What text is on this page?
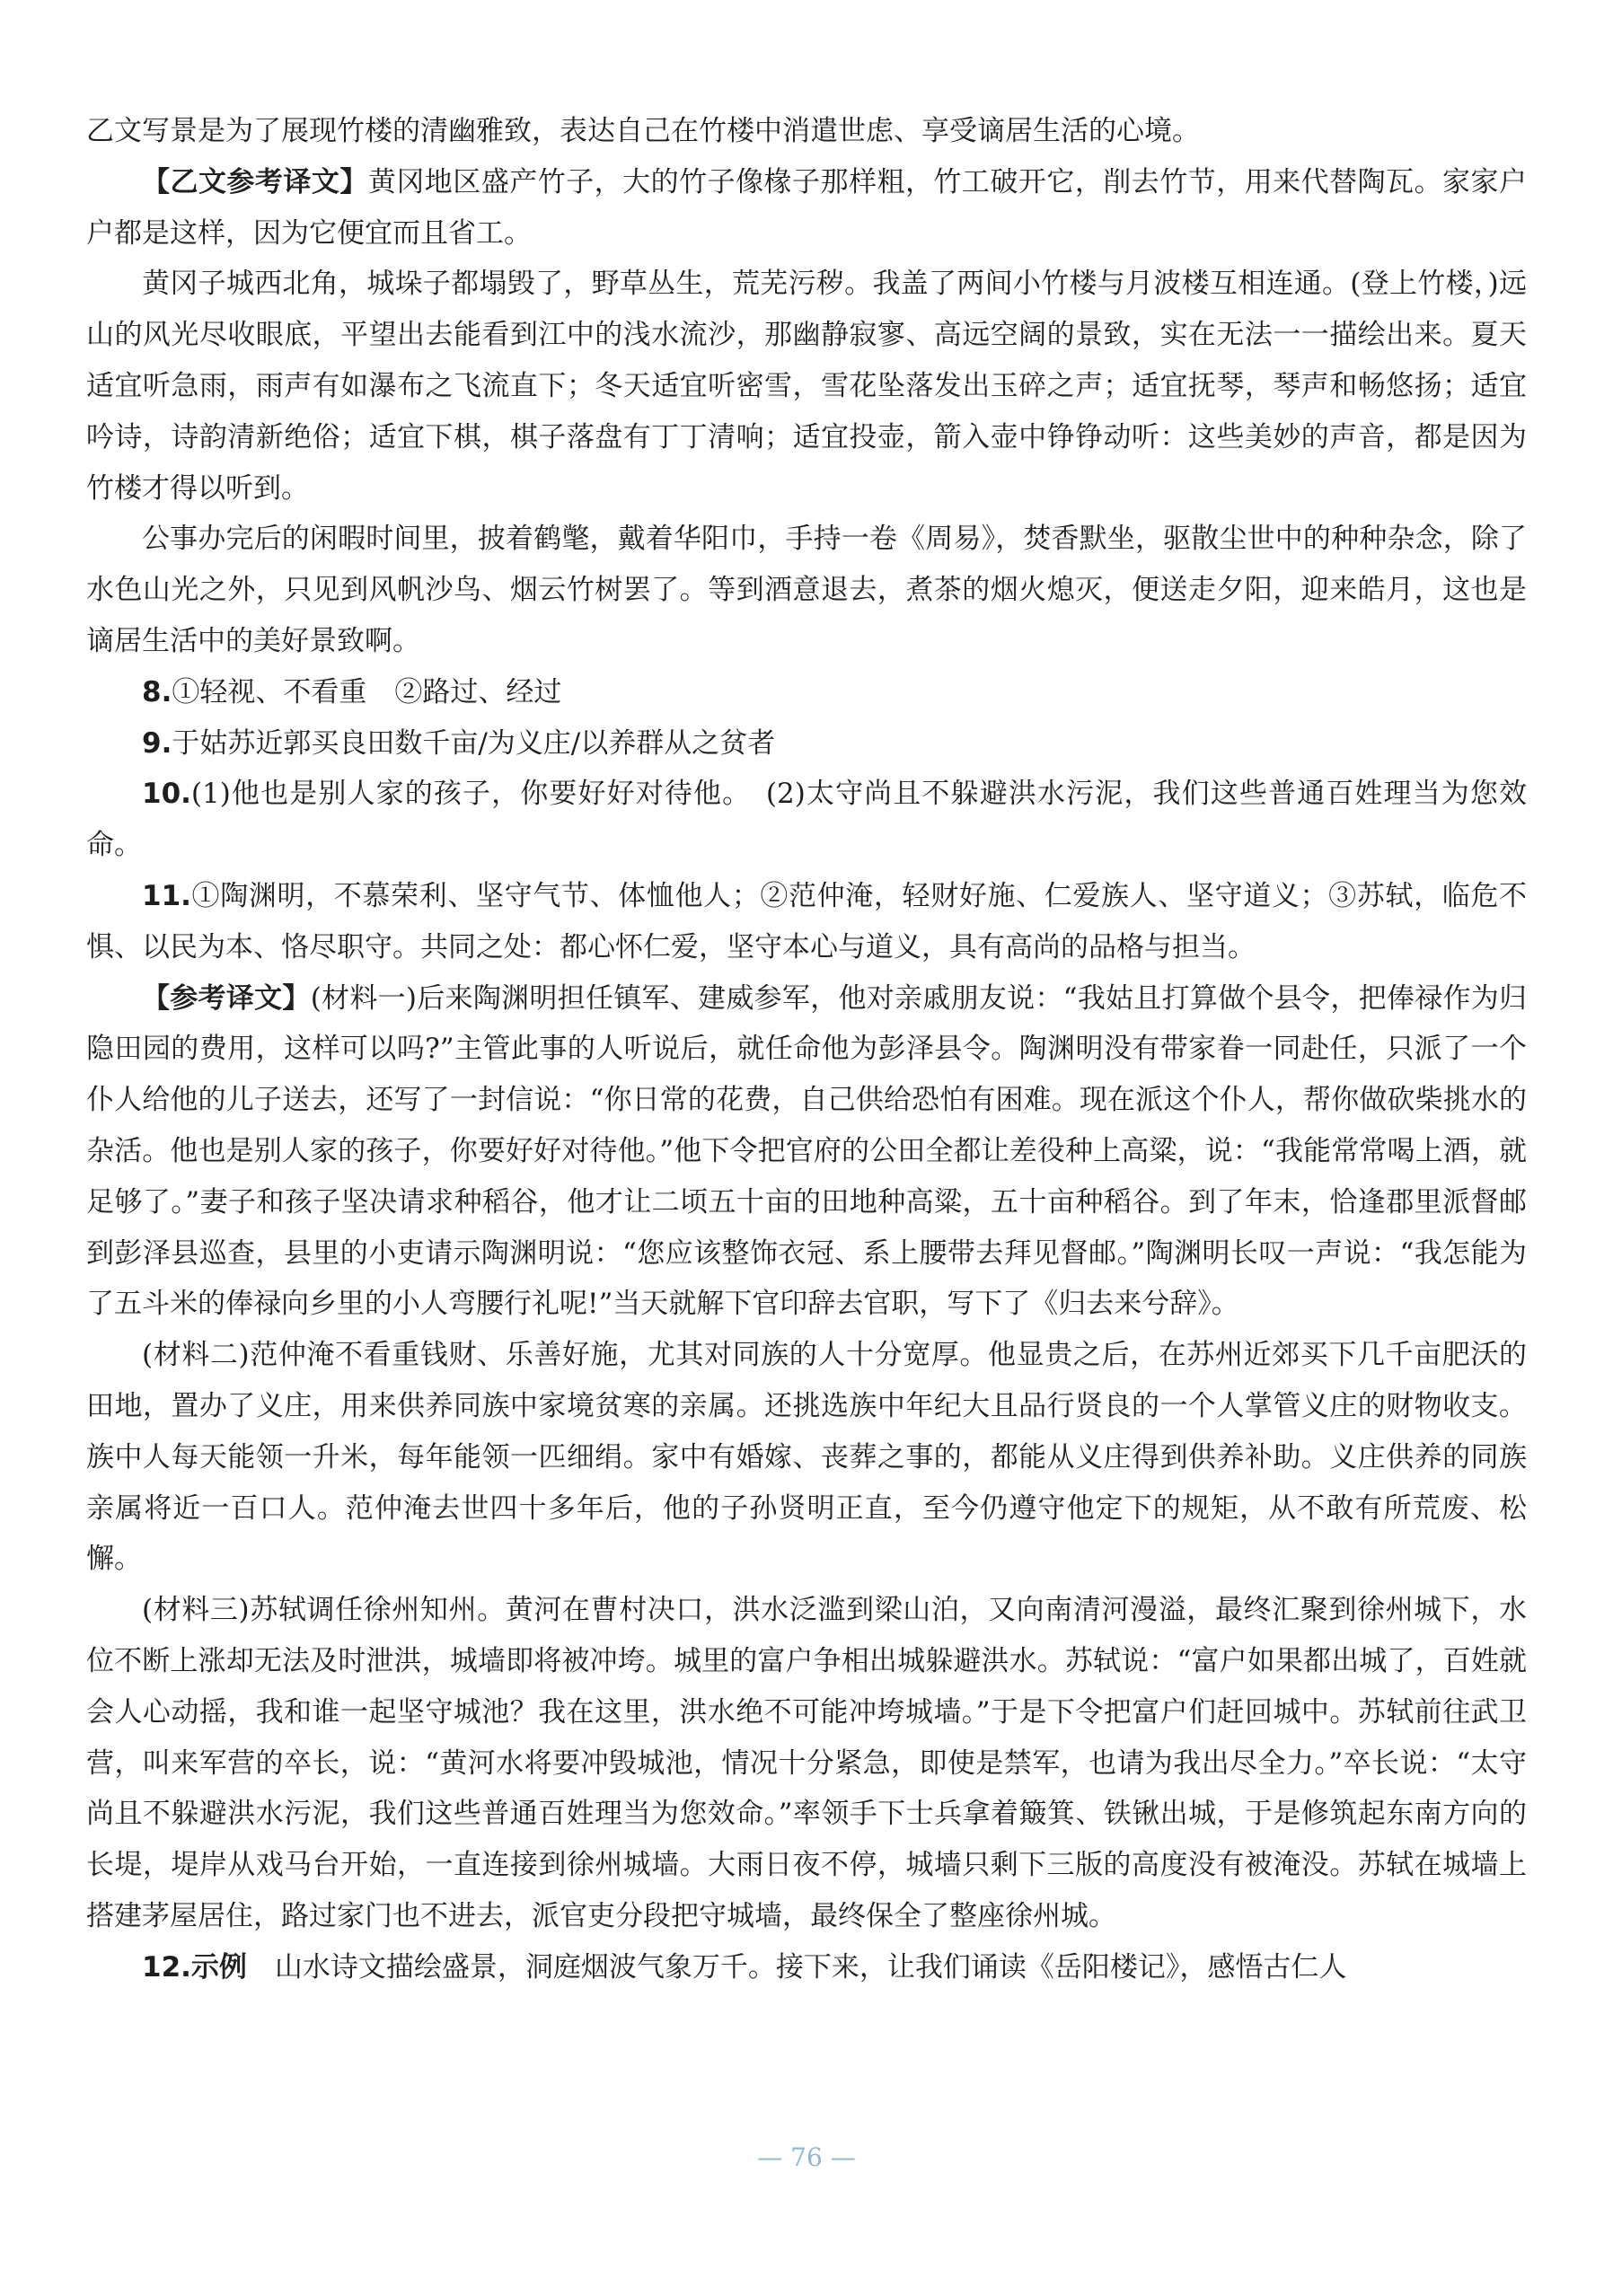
乙文写景是为了展现竹楼的清幽雅致，表达自己在竹楼中消遣世虑、享受谪居生活的心境。

【乙文参考译文】黄冈地区盛产竹子，大的竹子像椽子那样粗，竹工破开它，削去竹节，用来代替陶瓦。家家户户都是这样，因为它便宜而且省工。

黄冈子城西北角，城垛子都塌毁了，野草丛生，荒芜污秽。我盖了两间小竹楼与月波楼互相连通。(登上竹楼，)远山的风光尽收眼底，平望出去能看到江中的浅水流沙，那幽静寂寥、高远空阔的景致，实在无法一一描绘出来。夏天适宜听急雨，雨声有如瀑布之飞流直下；冬天适宜听密雪，雪花坠落发出玉碎之声；适宜抚琴，琴声和畅悠扬；适宜吟诗，诗韵清新绝俗；适宜下棋，棋子落盘有丁丁清响；适宜投壶，箭入壶中铮铮动听：这些美妙的声音，都是因为竹楼才得以听到。

公事办完后的闲暇时间里，披着鹤氅，戴着华阳巾，手持一卷《周易》，焚香默坐，驱散尘世中的种种杂念，除了水色山光之外，只见到风帆沙鸟、烟云竹树罢了。等到酒意退去，煮茶的烟火熄灭，便送走夕阳，迎来皓月，这也是谪居生活中的美好景致啊。

8.①轻视、不看重　②路过、经过

9.于姑苏近郭买良田数千亩/为义庄/以养群从之贫者

10.(1)他也是别人家的孩子，你要好好对待他。　(2)太守尚且不躲避洪水污泥，我们这些普通百姓理当为您效命。

11.①陶渊明，不慕荣利、坚守气节、体恤他人；②范仲淹，轻财好施、仁爱族人、坚守道义；③苏轼，临危不惧、以民为本、恪尽职守。共同之处：都心怀仁爱，坚守本心与道义，具有高尚的品格与担当。

【参考译文】(材料一)后来陶渊明担任镇军、建威参军，他对亲戚朋友说：“我姑且打算做个县令，把俸禄作为归隐田园的费用，这样可以吗?”主管此事的人听说后，就任命他为彭泽县令。陶渊明没有带家眷一同赴任，只派了一个仆人给他的儿子送去，还写了一封信说：“你日常的花费，自己供给恐怕有困难。现在派这个仆人，帮你做砍柴挑水的杂活。他也是别人家的孩子，你要好好对待他。”他下令把官府的公田全都让差役种上高粱，说：“我能常常喝上酒，就足够了。”妻子和孩子坚决请求种稻谷，他才让二顷五十亩的田地种高粱，五十亩种稻谷。到了年末，恰逢郡里派督邮到彭泽县巡查，县里的小吏请示陶渊明说：“您应该整饰衣冠、系上腰带去拜见督邮。”陶渊明长叹一声说：“我怎能为了五斗米的俸禄向乡里的小人弯腰行礼呢!”当天就解下官印辞去官职，写下了《归去来兮辞》。

(材料二)范仲淹不看重钱财、乐善好施，尤其对同族的人十分宽厚。他显贵之后，在苏州近郊买下几千亩肥沃的田地，置办了义庄，用来供养同族中家境贫寒的亲属。还挑选族中年纪大且品行贤良的一个人掌管义庄的财物收支。族中人每天能领一升米，每年能领一匹细绢。家中有婚嫁、丧葬之事的，都能从义庄得到供养补助。义庄供养的同族亲属将近一百口人。范仲淹去世四十多年后，他的子孙贤明正直，至今仍遵守他定下的规矩，从不敢有所荒废、松懈。

(材料三)苏轼调任徐州知州。黄河在曹村决口，洪水泛滥到梁山泊，又向南清河漫溢，最终汇聚到徐州城下，水位不断上涨却无法及时泄洪，城墙即将被冲垮。城里的富户争相出城躲避洪水。苏轼说：“富户如果都出城了，百姓就会人心动摇，我和谁一起坚守城池？我在这里，洪水绝不可能冲垮城墙。”于是下令把富户们赶回城中。苏轼前往武卫营，叫来军营的卒长，说：“黄河水将要冲毁城池，情况十分紧急，即使是禁军，也请为我出尽全力。”卒长说：“太守尚且不躲避洪水污泥，我们这些普通百姓理当为您效命。”率领手下士兵拿着簸箕、铁锹出城，于是修筑起东南方向的长堤，堤岸从戏马台开始，一直连接到徐州城墙。大雨日夜不停，城墙只剩下三版的高度没有被淹没。苏轼在城墙上搭建茅屋居住，路过家门也不进去，派官吏分段把守城墙，最终保全了整座徐州城。

12.示例　山水诗文描绘盛景，洞庭烟波气象万千。接下来，让我们诵读《岳阳楼记》，感悟古仁人

— 76 —
